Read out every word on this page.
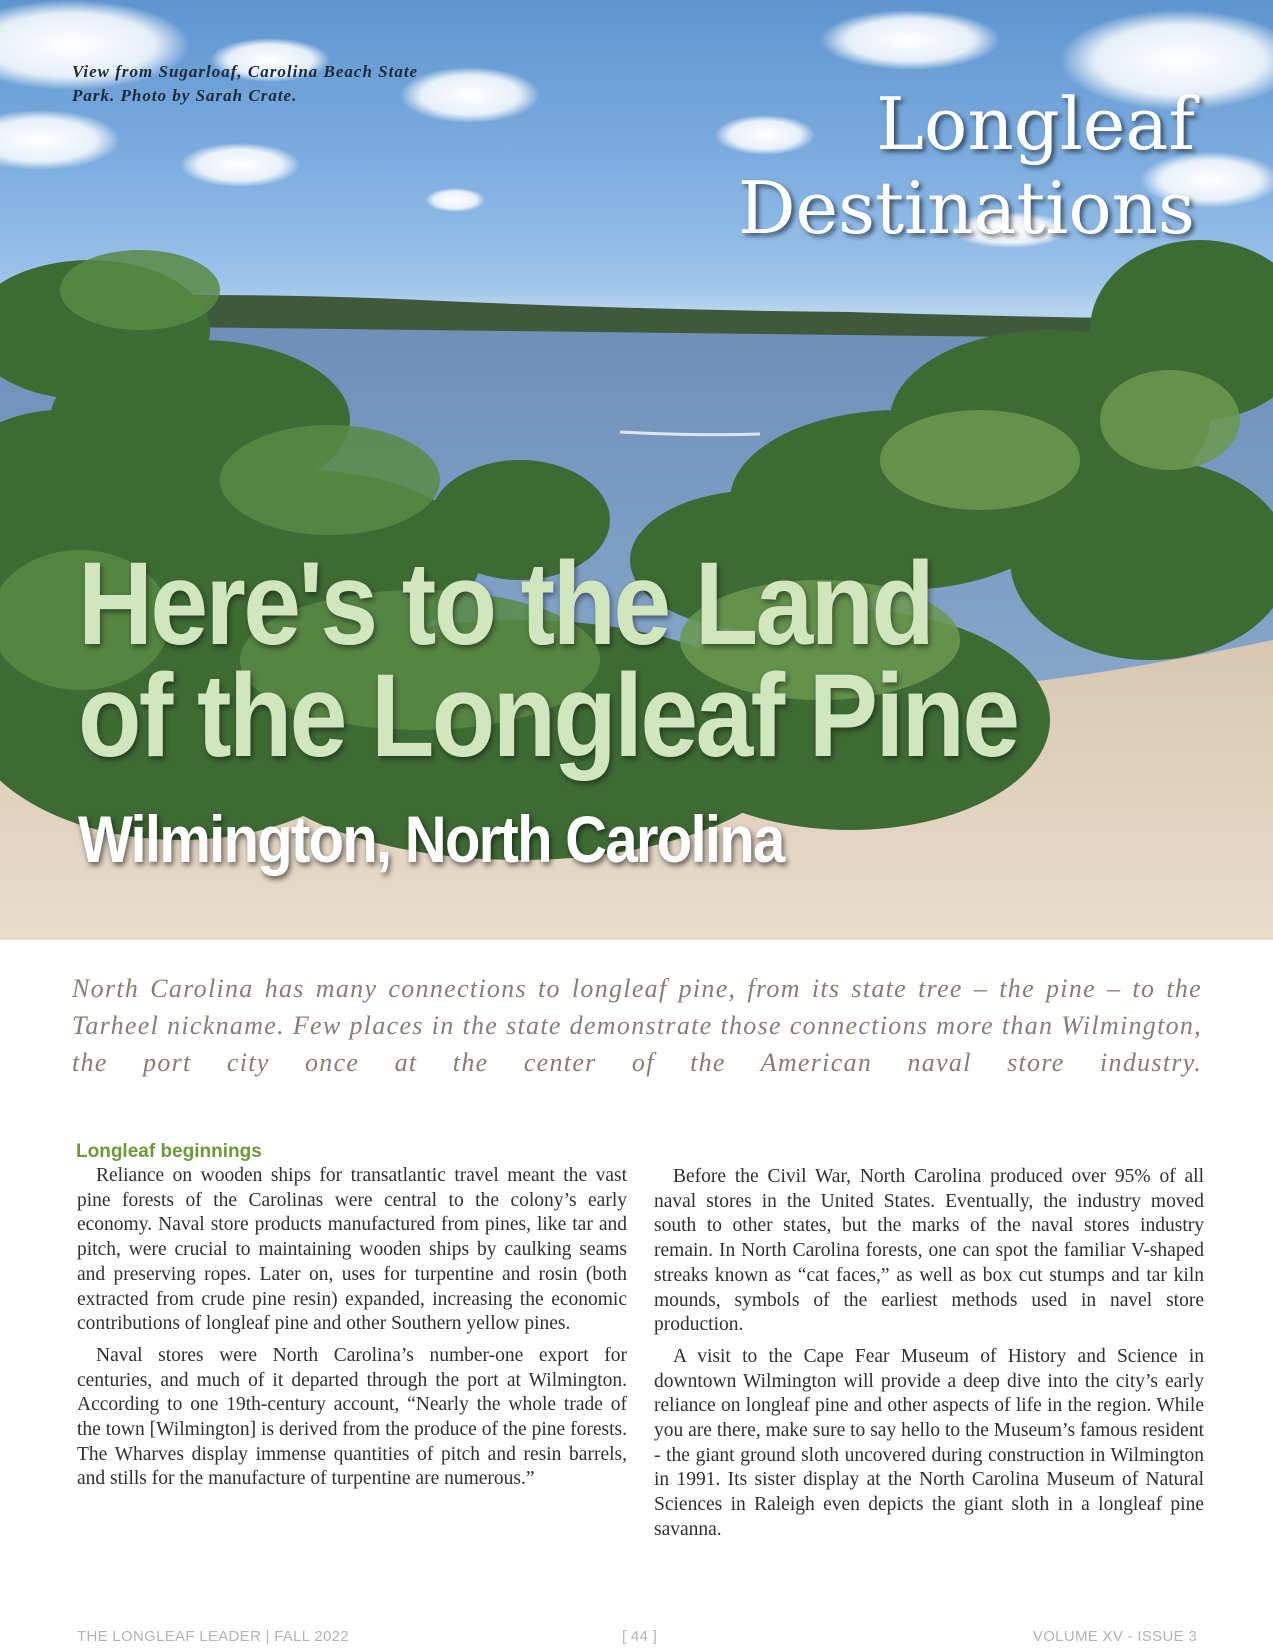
View from Sugarloaf, Carolina Beach State Park. Photo by Sarah Crate.	Longleaf
Destinations
Here's to the Land
of the Longleaf Pine
Wilmington, North Carolina
North Carolina has many connections to longleaf pine, from its state tree – the pine – to the Tarheel nickname. Few places in the state demonstrate those connections more than Wilmington, the port city once at the center of the American naval store industry.
Longleaf beginnings

Reliance on wooden ships for transatlantic travel meant the vast pine forests of the Carolinas were central to the colony’s early economy. Naval store products manufactured from pines, like tar and pitch, were crucial to maintaining wooden ships by caulking seams and preserving ropes. Later on, uses for turpentine and rosin (both extracted from crude pine resin) expanded, increasing the economic contributions of longleaf pine and other Southern yellow pines.

Naval stores were North Carolina’s number-one export for centuries, and much of it departed through the port at Wilmington. According to one 19th-century account, “Nearly the whole trade of the town [Wilmington] is derived from the produce of the pine forests. The Wharves display immense quantities of pitch and resin barrels, and stills for the manufacture of turpentine are numerous.”

Before the Civil War, North Carolina produced over 95% of all naval stores in the United States. Eventually, the industry moved south to other states, but the marks of the naval stores industry remain. In North Carolina forests, one can spot the familiar V-shaped streaks known as “cat faces,” as well as box cut stumps and tar kiln mounds, symbols of the earliest methods used in navel store production.

A visit to the Cape Fear Museum of History and Science in downtown Wilmington will provide a deep dive into the city’s early reliance on longleaf pine and other aspects of life in the region. While you are there, make sure to say hello to the Museum’s famous resident - the giant ground sloth uncovered during construction in Wilmington in 1991. Its sister display at the North Carolina Museum of Natural Sciences in Raleigh even depicts the giant sloth in a longleaf pine savanna.

THE LONGLEAF LEADER | FALL 2022	[ 44 ]	VOLUME XV - ISSUE 3
